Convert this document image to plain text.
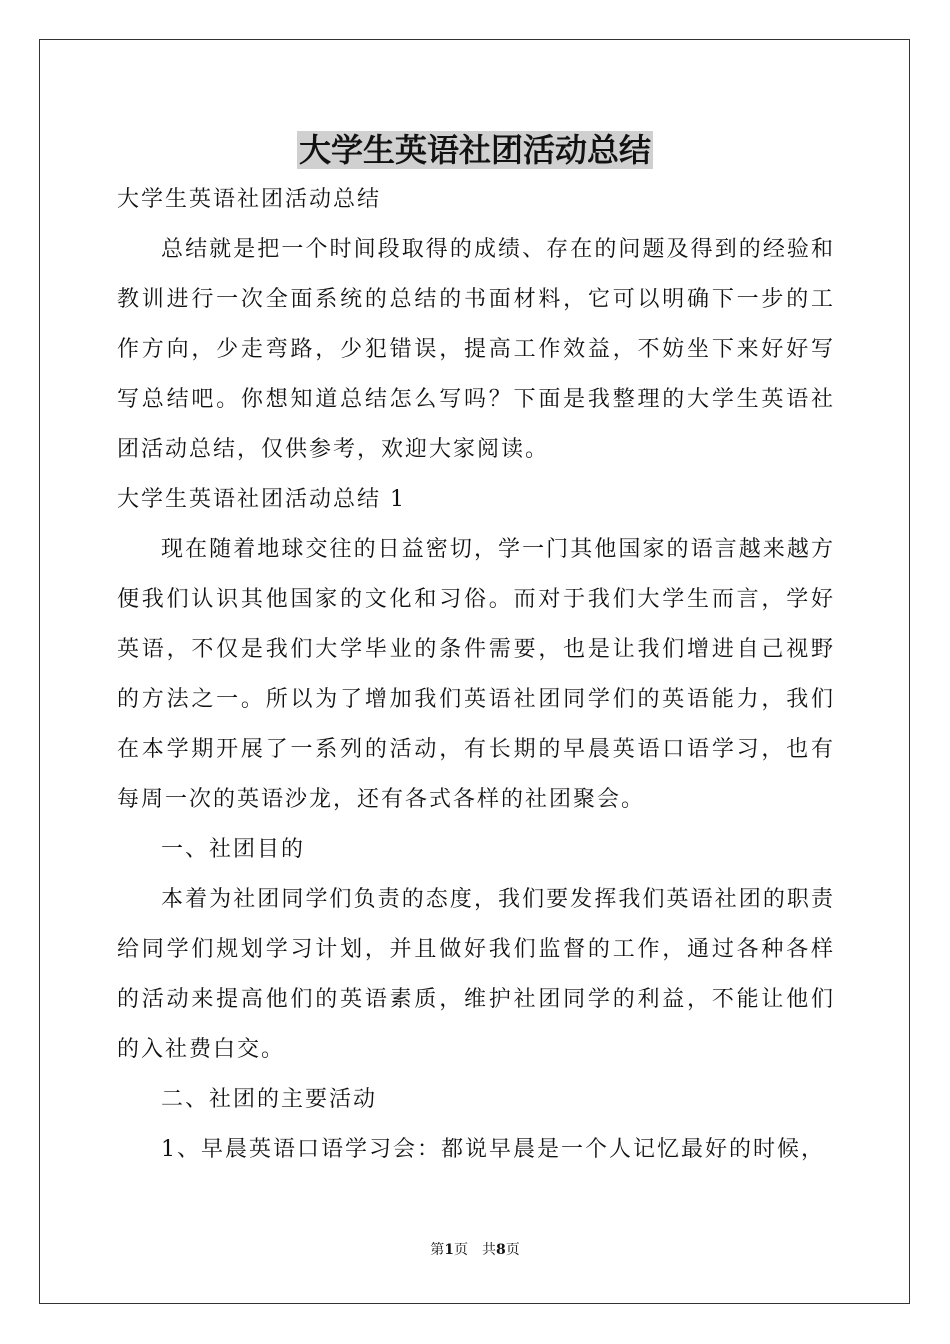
大学生英语社团活动总结

大学生英语社团活动总结

总结就是把一个时间段取得的成绩、存在的问题及得到的经验和教训进行一次全面系统的总结的书面材料，它可以明确下一步的工作方向，少走弯路，少犯错误，提高工作效益，不妨坐下来好好写写总结吧。你想知道总结怎么写吗？下面是我整理的大学生英语社团活动总结，仅供参考，欢迎大家阅读。

大学生英语社团活动总结 1

现在随着地球交往的日益密切，学一门其他国家的语言越来越方便我们认识其他国家的文化和习俗。而对于我们大学生而言，学好英语，不仅是我们大学毕业的条件需要，也是让我们增进自己视野的方法之一。所以为了增加我们英语社团同学们的英语能力，我们在本学期开展了一系列的活动，有长期的早晨英语口语学习，也有每周一次的英语沙龙，还有各式各样的社团聚会。

一、社团目的

本着为社团同学们负责的态度，我们要发挥我们英语社团的职责给同学们规划学习计划，并且做好我们监督的工作，通过各种各样的活动来提高他们的英语素质，维护社团同学的利益，不能让他们的入社费白交。

二、社团的主要活动

1、早晨英语口语学习会：都说早晨是一个人记忆最好的时候，

第1页 共8页
